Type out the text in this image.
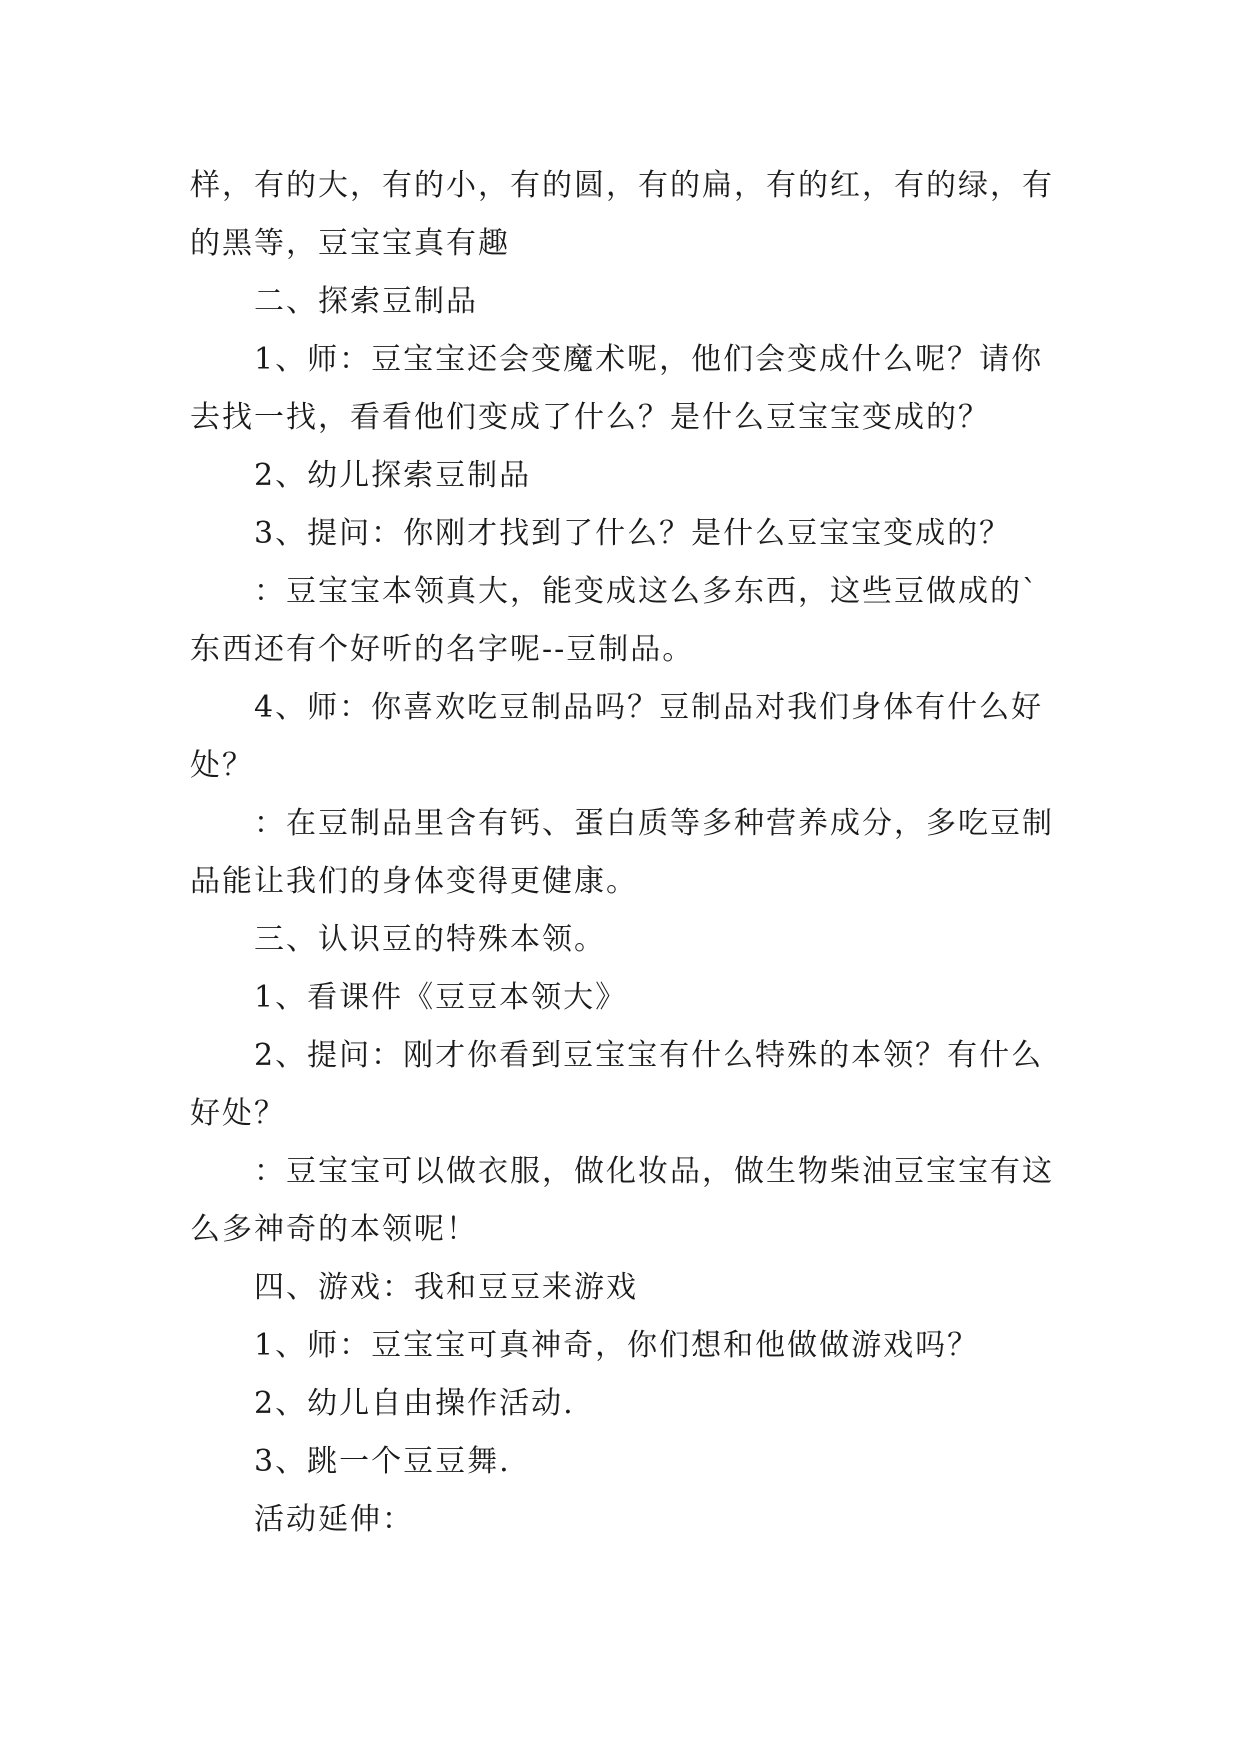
样，有的大，有的小，有的圆，有的扁，有的红，有的绿，有的黑等，豆宝宝真有趣

二、探索豆制品

1、师：豆宝宝还会变魔术呢，他们会变成什么呢？请你去找一找，看看他们变成了什么？是什么豆宝宝变成的？

2、幼儿探索豆制品

3、提问：你刚才找到了什么？是什么豆宝宝变成的？

：豆宝宝本领真大，能变成这么多东西，这些豆做成的`东西还有个好听的名字呢--豆制品。

4、师：你喜欢吃豆制品吗？豆制品对我们身体有什么好处？

：在豆制品里含有钙、蛋白质等多种营养成分，多吃豆制品能让我们的身体变得更健康。

三、认识豆的特殊本领。

1、看课件《豆豆本领大》

2、提问：刚才你看到豆宝宝有什么特殊的本领？有什么好处？

：豆宝宝可以做衣服，做化妆品，做生物柴油豆宝宝有这么多神奇的本领呢！

四、游戏：我和豆豆来游戏

1、师：豆宝宝可真神奇，你们想和他做做游戏吗？

2、幼儿自由操作活动.

3、跳一个豆豆舞.

活动延伸：
